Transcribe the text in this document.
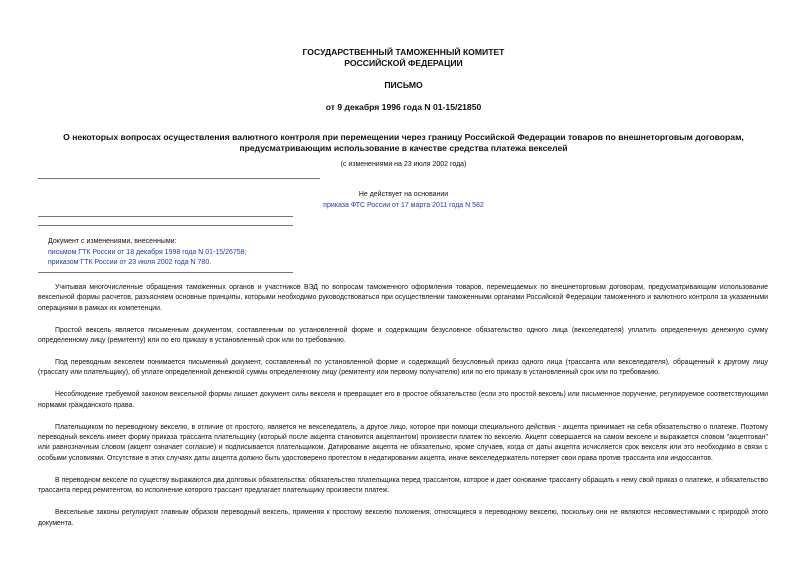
ГОСУДАРСТВЕННЫЙ ТАМОЖЕННЫЙ КОМИТЕТ
РОССИЙСКОЙ ФЕДЕРАЦИИ
ПИСЬМО
от 9 декабря 1996 года N 01-15/21850
О некоторых вопросах осуществления валютного контроля при перемещении через границу Российской Федерации товаров по внешнеторговым договорам,
предусматривающим использование в качестве средства платежа векселей
(с изменениями на 23 июля 2002 года)
Не действует на основании
приказа ФТС России от 17 марта 2011 года N 582
Документ с изменениями, внесенными:
письмом ГТК России от 18 декабря 1998 года N 01-15/26758;
приказом ГТК России от 23 июля 2002 года N 780.

Учитывая многочисленные обращения таможенных органов и участников ВЭД по вопросам таможенного оформления товаров, перемещаемых по внешнеторговым договорам, предусматривающим использование вексельной формы расчетов, разъясняем основные принципы, которыми необходимо руководствоваться при осуществлении таможенными органами Российской Федерации таможенного и валютного контроля за указанными операциями в рамках их компетенции.

Простой вексель является письменным документом, составленным по установленной форме и содержащим безусловное обязательство одного лица (векселедателя) уплатить определенную денежную сумму определенному лицу (ремитенту) или по его приказу в установленный срок или по требованию.

Под переводным векселем понимается письменный документ, составленный по установленной форме и содержащий безусловный приказ одного лица (трассанта или векселедателя), обращенный к другому лицу (трассату или плательщику), об уплате определенной денежной суммы определенному лицу (ремитенту или первому получателю) или по его приказу в установленный срок или по требованию.

Несоблюдение требуемой законом вексельной формы лишает документ силы векселя и превращает его в простое обязательство (если это простой вексель) или письменное поручение, регулируемое соответствующими нормами гражданского права.

Плательщиком по переводному векселю, в отличие от простого, является не векселедатель, а другое лицо, которое при помощи специального действия - акцепта принимает на себя обязательство о платеже. Поэтому переводный вексель имеет форму приказа трассанта плательщику (который после акцепта становится акцептантом) произвести платеж по векселю. Акцепт совершается на самом векселе и выражается словом "акцептован" или равнозначным словом (акцепт означает согласие) и подписывается плательщиком. Датирование акцепта не обязательно, кроме случаев, когда от даты акцепта исчисляется срок векселя или это необходимо в связи с особыми условиями. Отсутствие в этих случаях даты акцепта должно быть удостоверено протестом в недатировании акцепта, иначе векселедержатель потеряет свои права против трассанта или индоссантов.

В переводном векселе по существу выражаются два долговых обязательства: обязательство плательщика перед трассантом, которое и дает основание трассанту обращать к нему свой приказ о платеже, и обязательство трассанта перед ремитентом, во исполнение которого трассант предлагает плательщику произвести платеж.

Вексельные законы регулируют главным образом переводный вексель, применяя к простому векселю положения, относящиеся к переводному векселю, поскольку они не являются несовместимыми с природой этого документа.
